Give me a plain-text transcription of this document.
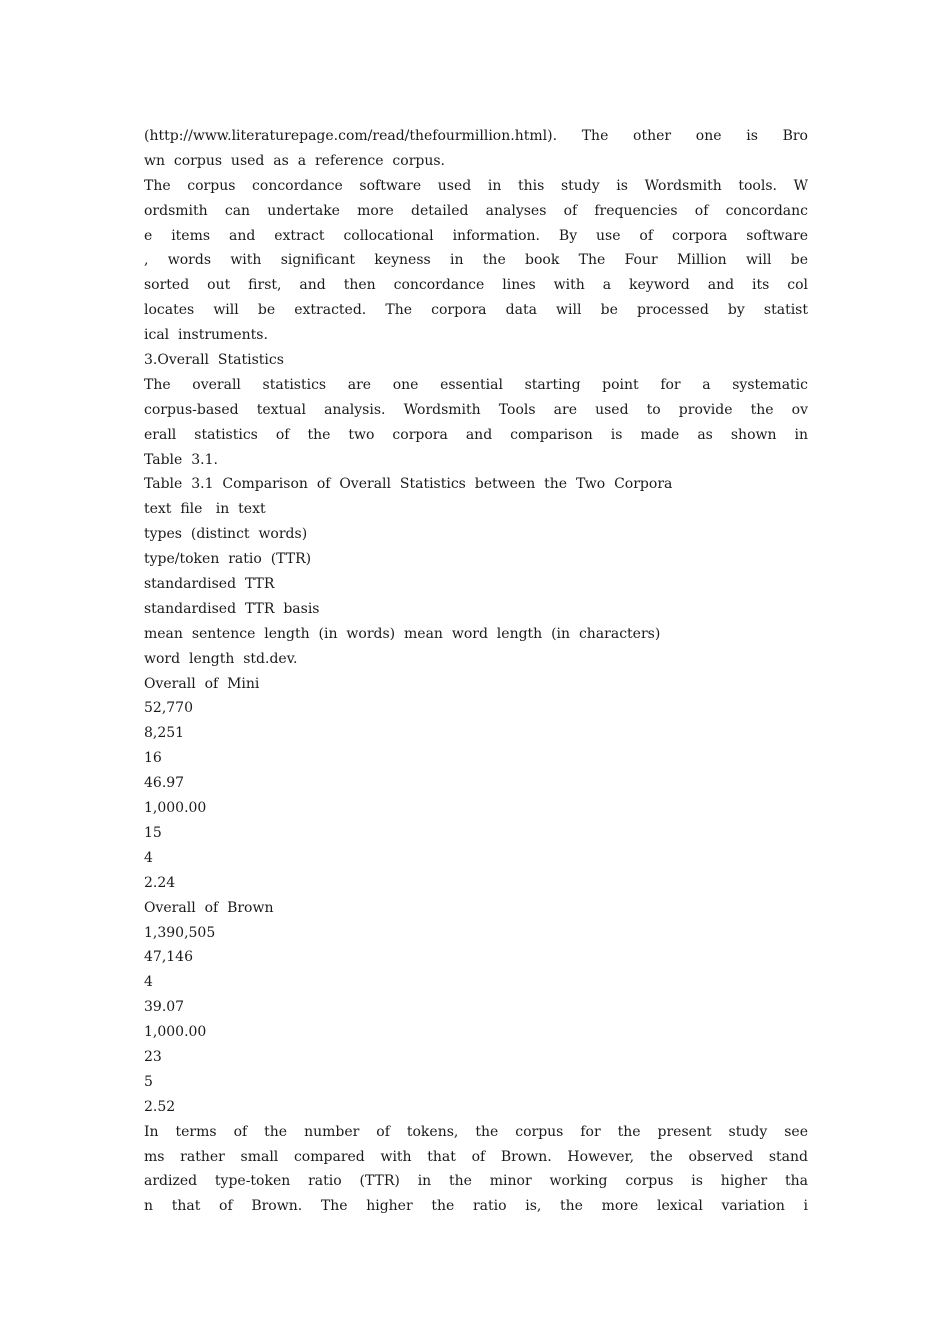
(http://www.literaturepage.com/read/thefourmillion.html).  The  other  one  is  Bro
wn  corpus  used  as  a  reference  corpus.
The  corpus  concordance  software  used  in  this  study  is  Wordsmith  tools.  W
ordsmith  can  undertake  more  detailed  analyses  of  frequencies  of  concordanc
e  items  and  extract  collocational  information.  By  use  of  corpora  software
,  words  with  significant  keyness  in  the  book  The  Four  Million  will  be
sorted  out  first,  and  then  concordance  lines  with  a  keyword  and  its  col
locates  will  be  extracted.  The  corpora  data  will  be  processed  by  statist
ical  instruments.
3.Overall  Statistics
The  overall  statistics  are  one  essential  starting  point  for  a  systematic
corpus-based  textual  analysis.  Wordsmith  Tools  are  used  to  provide  the  ov
erall  statistics  of  the  two  corpora  and  comparison  is  made  as  shown  in
Table  3.1.
Table  3.1  Comparison  of  Overall  Statistics  between  the  Two  Corpora
text  file   in  text
types  (distinct  words)
type/token  ratio  (TTR)
standardised  TTR
standardised  TTR  basis
mean  sentence  length  (in  words)  mean  word  length  (in  characters)
word  length  std.dev.
Overall  of  Mini
52,770
8,251
16
46.97
1,000.00
15
4
2.24
Overall  of  Brown
1,390,505
47,146
4
39.07
1,000.00
23
5
2.52
In  terms  of  the  number  of  tokens,  the  corpus  for  the  present  study  see
ms  rather  small  compared  with  that  of  Brown.  However,  the  observed  stand
ardized  type-token  ratio  (TTR)  in  the  minor  working  corpus  is  higher  tha
n  that  of  Brown.  The  higher  the  ratio  is,  the  more  lexical  variation  i
